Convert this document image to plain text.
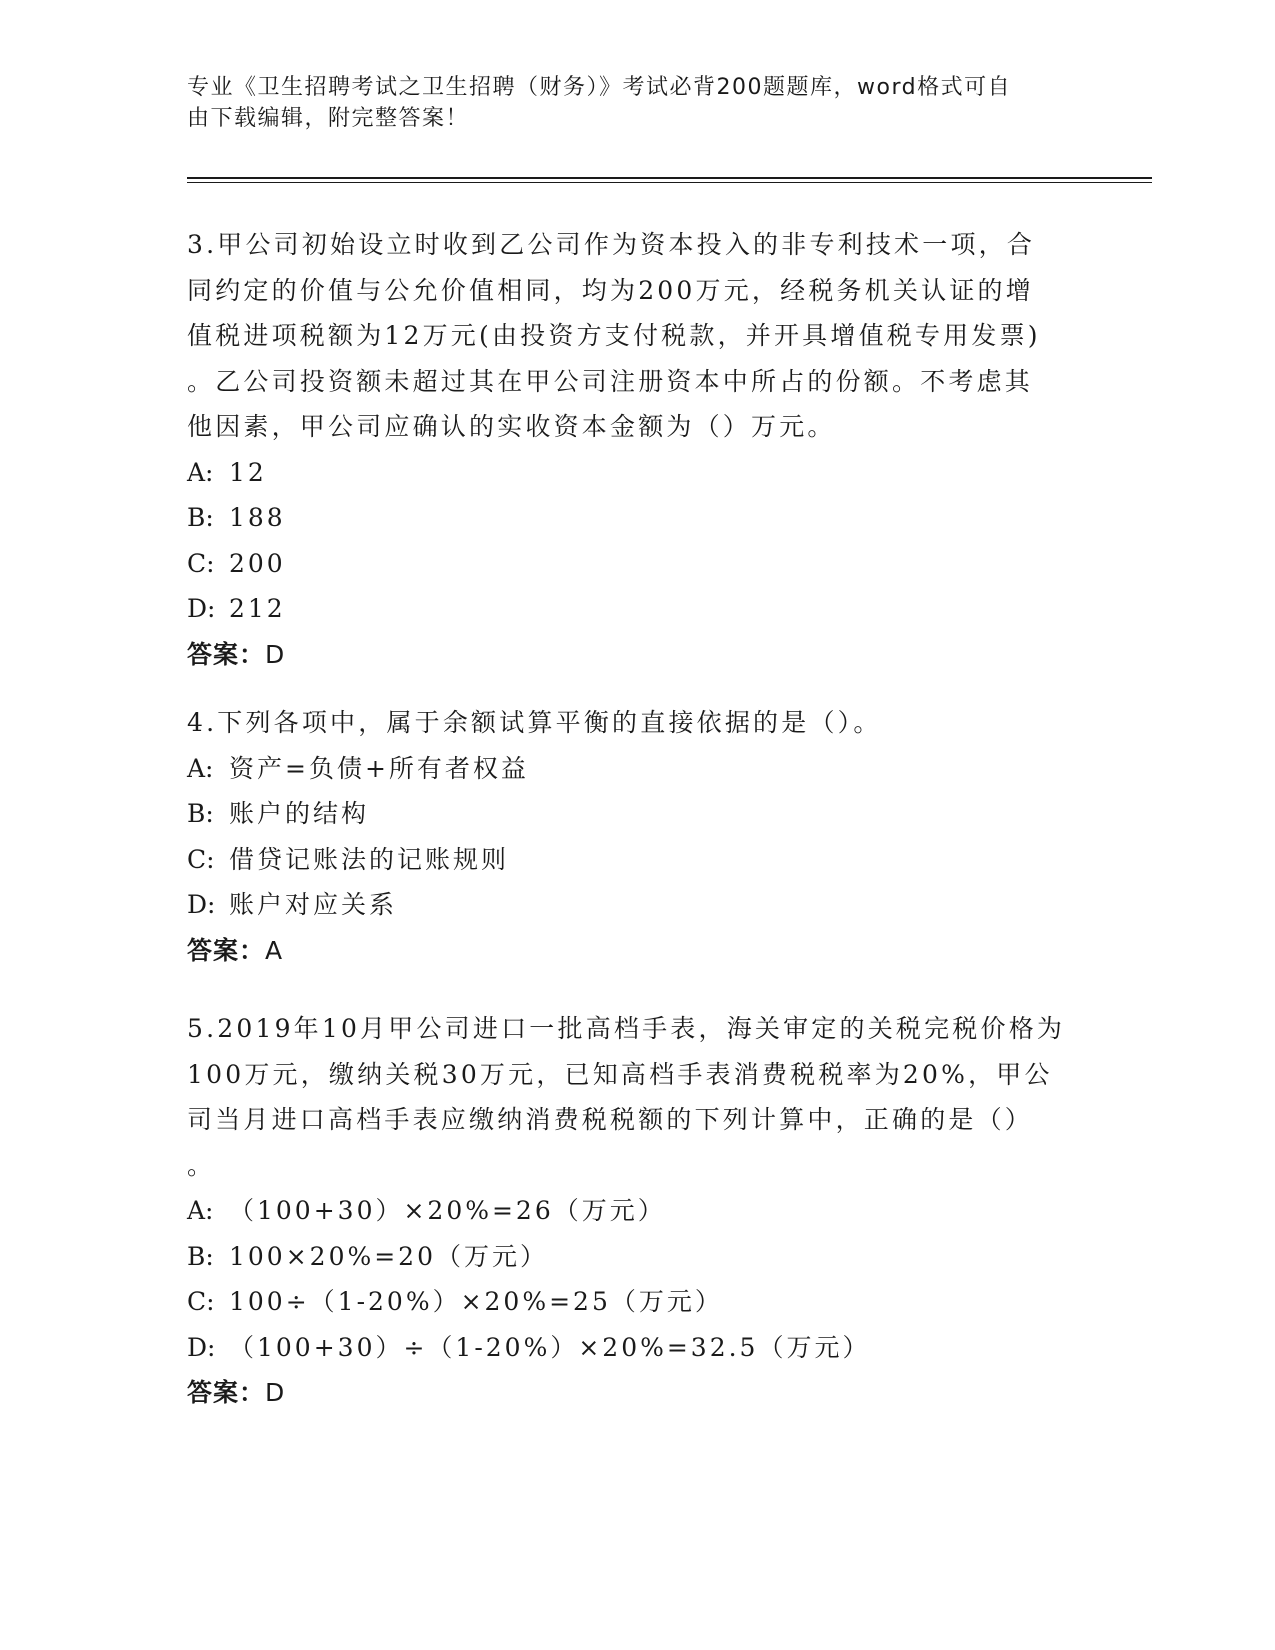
专业《卫生招聘考试之卫生招聘（财务）》考试必背200题题库，word格式可自
由下载编辑，附完整答案！

3.甲公司初始设立时收到乙公司作为资本投入的非专利技术一项，合

同约定的价值与公允价值相同，均为200万元，经税务机关认证的增

值税进项税额为12万元(由投资方支付税款，并开具增值税专用发票)

。乙公司投资额未超过其在甲公司注册资本中所占的份额。不考虑其

他因素，甲公司应确认的实收资本金额为（）万元。

A: 12

B: 188

C: 200

D: 212

答案：D

4.下列各项中，属于余额试算平衡的直接依据的是（）。

A: 资产=负债+所有者权益

B: 账户的结构

C: 借贷记账法的记账规则

D: 账户对应关系

答案：A

5.2019年10月甲公司进口一批高档手表，海关审定的关税完税价格为

100万元，缴纳关税30万元，已知高档手表消费税税率为20%，甲公

司当月进口高档手表应缴纳消费税税额的下列计算中，正确的是（）

。

A: （100+30）×20%=26（万元）

B: 100×20%=20（万元）

C: 100÷（1-20%）×20%=25（万元）

D: （100+30）÷（1-20%）×20%=32.5（万元）

答案：D
